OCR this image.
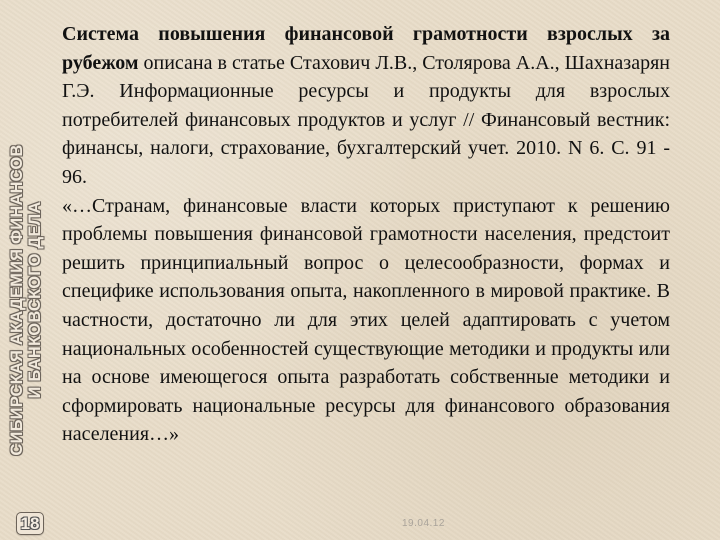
СИБИРСКАЯ АКАДЕМИЯ ФИНАНСОВ И БАНКОВСКОГО ДЕЛА
18

Система повышения финансовой грамотности взрослых за рубежом описана в статье Стахович Л.В., Столярова А.А., Шахназарян Г.Э. Информационные ресурсы и продукты для взрослых потребителей финансовых продуктов и услуг // Финансовый вестник: финансы, налоги, страхование, бухгалтерский учет. 2010. N 6. С. 91 - 96.

«…Странам, финансовые власти которых приступают к решению проблемы повышения финансовой грамотности населения, предстоит решить принципиальный вопрос о целесообразности, формах и специфике использования опыта, накопленного в мировой практике. В частности, достаточно ли для этих целей адаптировать с учетом национальных особенностей существующие методики и продукты или на основе имеющегося опыта разработать собственные методики и сформировать национальные ресурсы для финансового образования населения…»

19.04.12
